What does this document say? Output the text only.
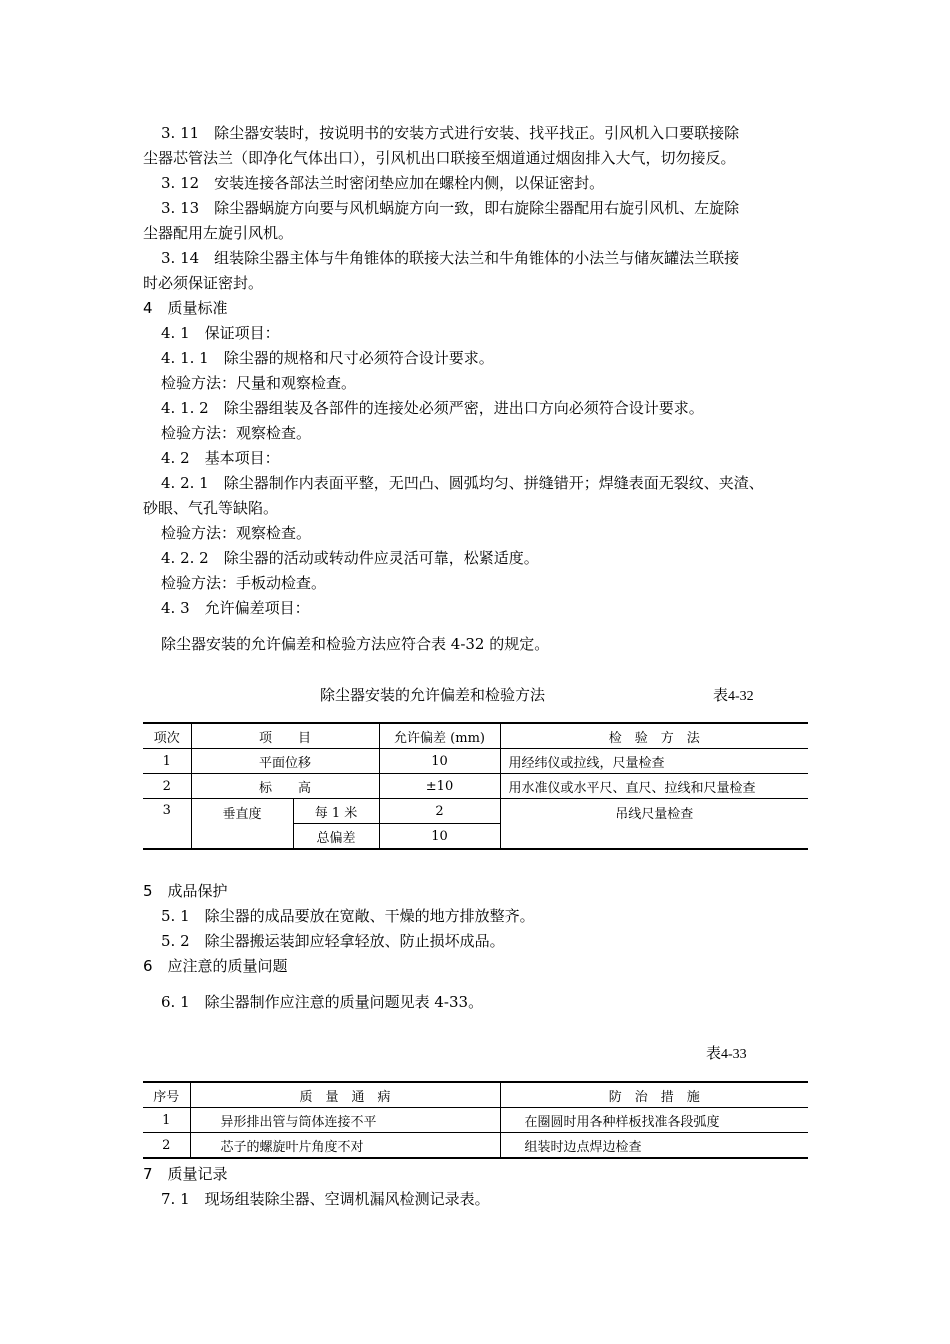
3. 11　除尘器安装时，按说明书的安装方式进行安装、找平找正。引风机入口要联接除
尘器芯管法兰（即净化气体出口），引风机出口联接至烟道通过烟囱排入大气，切勿接反。
3. 12　安装连接各部法兰时密闭垫应加在螺栓内侧，以保证密封。
3. 13　除尘器蜗旋方向要与风机蜗旋方向一致，即右旋除尘器配用右旋引风机、左旋除
尘器配用左旋引风机。
3. 14　组装除尘器主体与牛角锥体的联接大法兰和牛角锥体的小法兰与储灰罐法兰联接
时必须保证密封。
4　质量标准
4. 1　保证项目：
4. 1. 1　除尘器的规格和尺寸必须符合设计要求。
检验方法：尺量和观察检查。
4. 1. 2　除尘器组装及各部件的连接处必须严密，进出口方向必须符合设计要求。
检验方法：观察检查。
4. 2　基本项目：
4. 2. 1　除尘器制作内表面平整，无凹凸、圆弧均匀、拼缝错开；焊缝表面无裂纹、夹渣、
砂眼、气孔等缺陷。
检验方法：观察检查。
4. 2. 2　除尘器的活动或转动件应灵活可靠，松紧适度。
检验方法：手板动检查。
4. 3　允许偏差项目：
除尘器安装的允许偏差和检验方法应符合表 4-32 的规定。
除尘器安装的允许偏差和检验方法	表4-32
项次	项　　目		允许偏差 (mm)	检　验　方　法
1	平面位移		10	用经纬仪或拉线，尺量检查
2	标　　高		±10	用水准仪或水平尺、直尺、拉线和尺量检查
3	垂直度	每 1 米	2	吊线尺量检查
		总偏差	10	
5　成品保护
5. 1　除尘器的成品要放在宽敞、干燥的地方排放整齐。
5. 2　除尘器搬运装卸应轻拿轻放、防止损坏成品。
6　应注意的质量问题
6. 1　除尘器制作应注意的质量问题见表 4-33。
表4-33
序号	质　量　通　病	防　治　措　施
1	异形排出管与筒体连接不平	在圈圆时用各种样板找准各段弧度
2	芯子的螺旋叶片角度不对	组装时边点焊边检查
7　质量记录
7. 1　现场组装除尘器、空调机漏风检测记录表。
